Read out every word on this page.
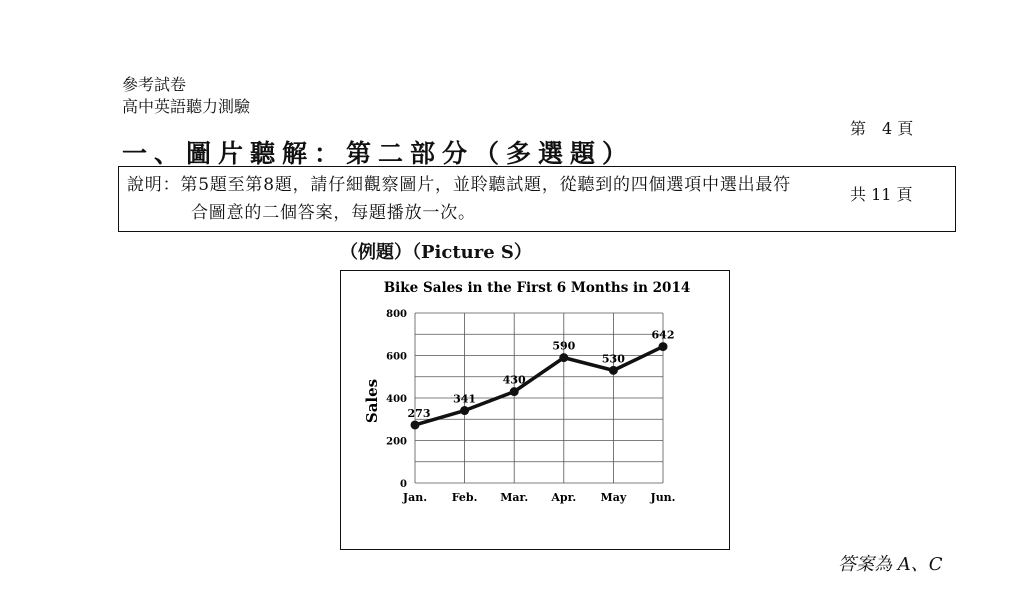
參考試卷
高中英語聽力測驗

第　4 頁

共 11 頁

一、圖片聽解：第二部分（多選題）
說明：第5題至第8題，請仔細觀察圖片，並聆聽試題，從聽到的四個選項中選出最符
合圖意的二個答案，每題播放一次。
（例題）（Picture S）
Bike Sales in the First 6 Months in 2014
Sales
0
200
400
600
800
Jan. Feb. Mar. Apr. May Jun.
273
341
430
590
530
642
答案為 A、C
